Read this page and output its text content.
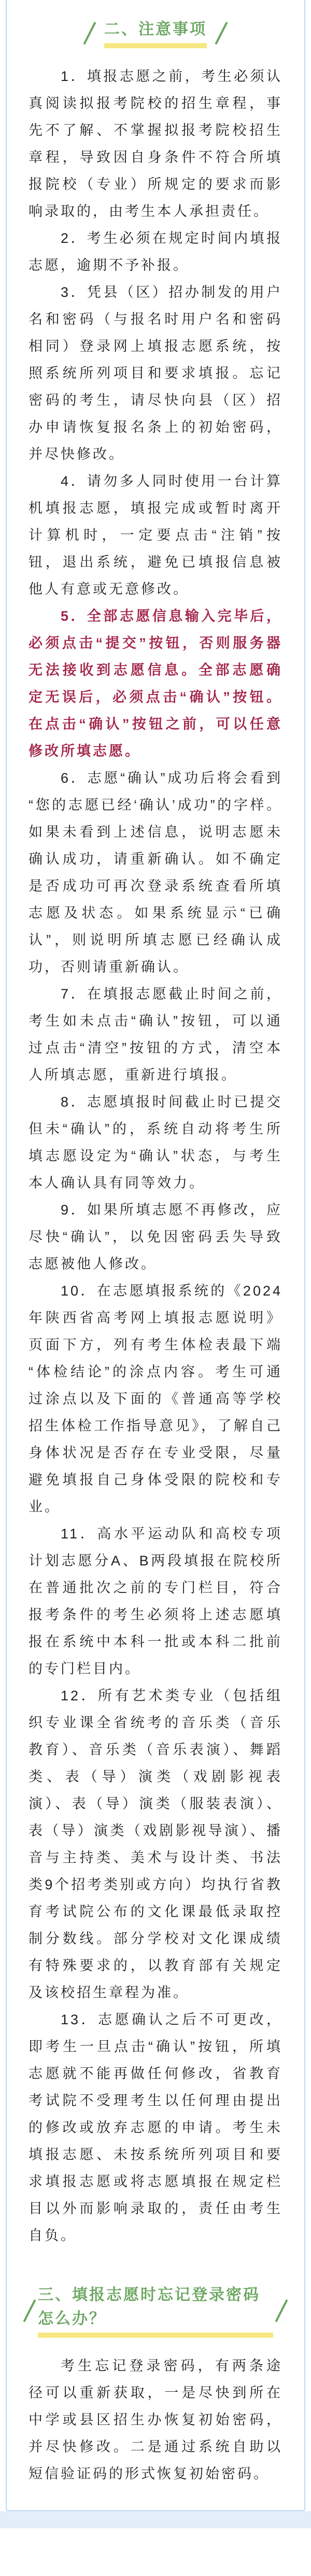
二、注意事项

1．填报志愿之前，考生必须认真阅读拟报考院校的招生章程，事先不了解、不掌握拟报考院校招生章程，导致因自身条件不符合所填报院校（专业）所规定的要求而影响录取的，由考生本人承担责任。

2．考生必须在规定时间内填报志愿，逾期不予补报。

3．凭县（区）招办制发的用户名和密码（与报名时用户名和密码相同）登录网上填报志愿系统，按照系统所列项目和要求填报。忘记密码的考生，请尽快向县（区）招办申请恢复报名条上的初始密码，并尽快修改。

4．请勿多人同时使用一台计算机填报志愿，填报完成或暂时离开计算机时，一定要点击“注销”按钮，退出系统，避免已填报信息被他人有意或无意修改。

5．全部志愿信息输入完毕后，必须点击“提交”按钮，否则服务器无法接收到志愿信息。全部志愿确定无误后，必须点击“确认”按钮。在点击“确认”按钮之前，可以任意修改所填志愿。

6．志愿“确认”成功后将会看到“您的志愿已经‘确认’成功”的字样。如果未看到上述信息，说明志愿未确认成功，请重新确认。如不确定是否成功可再次登录系统查看所填志愿及状态。如果系统显示“已确认”，则说明所填志愿已经确认成功，否则请重新确认。

7．在填报志愿截止时间之前，考生如未点击“确认”按钮，可以通过点击“清空”按钮的方式，清空本人所填志愿，重新进行填报。

8．志愿填报时间截止时已提交但未“确认”的，系统自动将考生所填志愿设定为“确认”状态，与考生本人确认具有同等效力。

9．如果所填志愿不再修改，应尽快“确认”，以免因密码丢失导致志愿被他人修改。

10．在志愿填报系统的《2024年陕西省高考网上填报志愿说明》页面下方，列有考生体检表最下端“体检结论”的涂点内容。考生可通过涂点以及下面的《普通高等学校招生体检工作指导意见》，了解自己身体状况是否存在专业受限，尽量避免填报自己身体受限的院校和专业。

11．高水平运动队和高校专项计划志愿分A、B两段填报在院校所在普通批次之前的专门栏目，符合报考条件的考生必须将上述志愿填报在系统中本科一批或本科二批前的专门栏目内。

12．所有艺术类专业（包括组织专业课全省统考的音乐类（音乐教育）、音乐类（音乐表演）、舞蹈类、表（导）演类（戏剧影视表演）、表（导）演类（服装表演）、表（导）演类（戏剧影视导演）、播音与主持类、美术与设计类、书法类9个招考类别或方向）均执行省教育考试院公布的文化课最低录取控制分数线。部分学校对文化课成绩有特殊要求的，以教育部有关规定及该校招生章程为准。

13．志愿确认之后不可更改，即考生一旦点击“确认”按钮，所填志愿就不能再做任何修改，省教育考试院不受理考生以任何理由提出的修改或放弃志愿的申请。考生未填报志愿、未按系统所列项目和要求填报志愿或将志愿填报在规定栏目以外而影响录取的，责任由考生自负。

三、填报志愿时忘记登录密码怎么办？

考生忘记登录密码，有两条途径可以重新获取，一是尽快到所在中学或县区招生办恢复初始密码，并尽快修改。二是通过系统自助以短信验证码的形式恢复初始密码。
